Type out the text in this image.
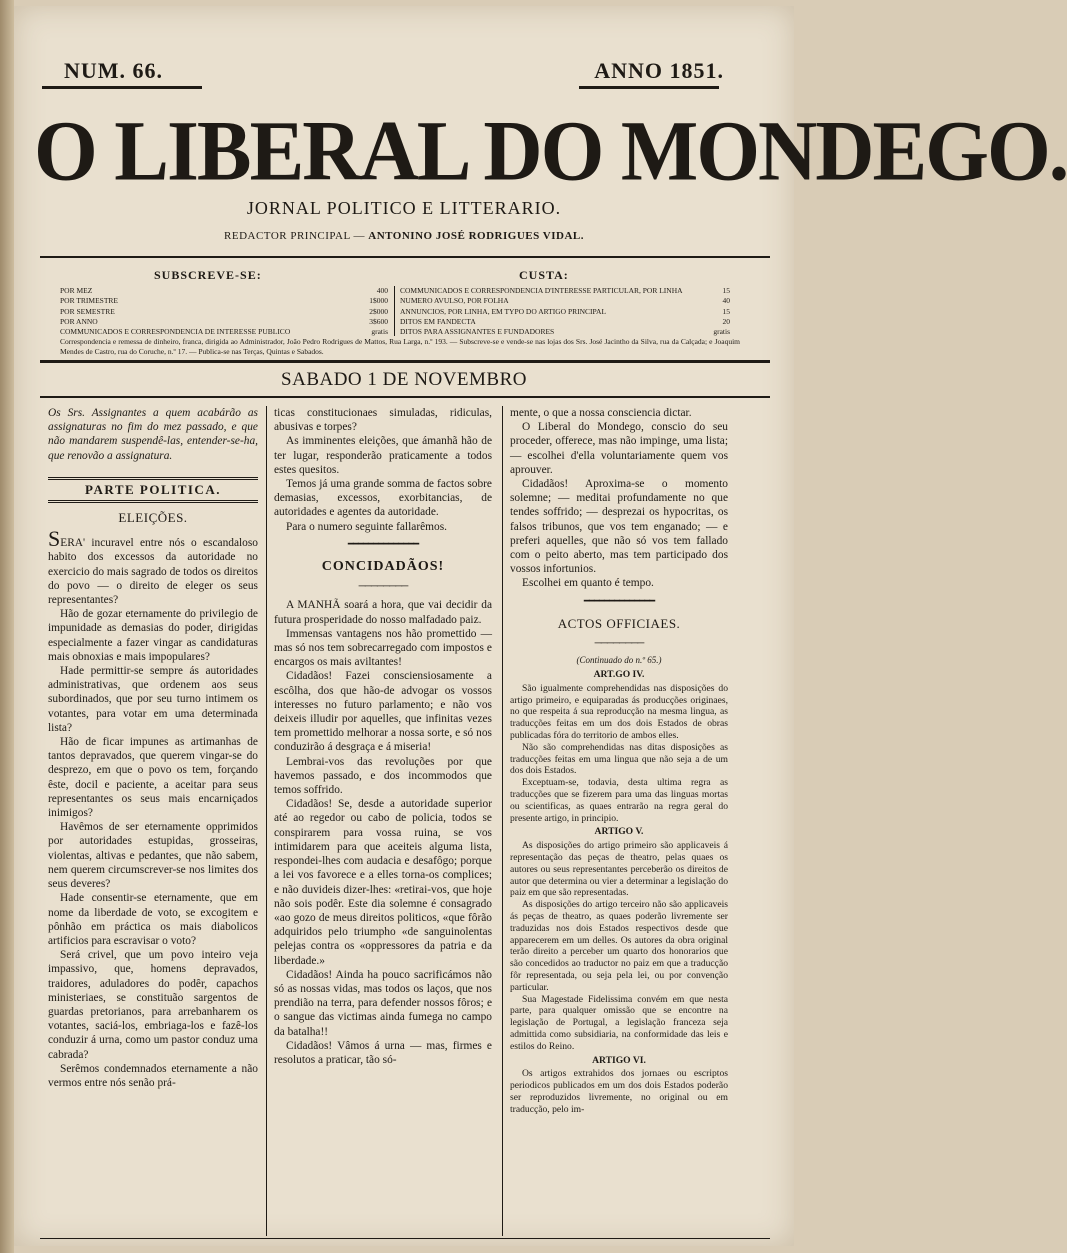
NUM. 66.	ANNO 1851.
O LIBERAL DO MONDEGO.
JORNAL POLITICO E LITTERARIO.
REDACTOR PRINCIPAL — ANTONINO JOSÉ RODRIGUES VIDAL.
SUBSCREVE-SE:	CUSTA:
POR MEZ	400
POR TRIMESTRE	1$000
POR SEMESTRE	2$000
POR ANNO	3$600
COMMUNICADOS E CORRESPONDENCIA DE INTERESSE PUBLICO	gratis
COMMUNICADOS E CORRESPONDENCIA D'INTERESSE PARTICULAR, POR LINHA	15
NUMERO AVULSO, POR FOLHA	40
ANNUNCIOS, POR LINHA, EM TYPO DO ARTIGO PRINCIPAL	15
DITOS EM FANDECTA	20
DITOS PARA ASSIGNANTES E FUNDADORES	gratis
Correspondencia e remessa de dinheiro, franca, dirigida ao Administrador, João Pedro Rodrigues de Mattos, Rua Larga, n.º 193. — Subscreve-se e vende-se nas lojas dos Srs. José Jacintho da Silva, rua da Calçada; e Joaquim Mendes de Castro, rua do Coruche, n.º 17. — Publica-se nas Terças, Quintas e Sabados.
SABADO 1 DE NOVEMBRO

Os Srs. Assignantes a quem acabárão as assignaturas no fim do mez passado, e que não mandarem suspendê-las, entender-se-ha, que renovão a assignatura.

PARTE POLITICA.
ELEIÇÕES.

SERA' incuravel entre nós o escandaloso habito dos excessos da autoridade no exercicio do mais sagrado de todos os direitos do povo — o direito de eleger os seus representantes?

Hão de gozar eternamente do privilegio de impunidade as demasias do poder, dirigidas especialmente a fazer vingar as candidaturas mais obnoxias e mais impopulares?

Hade permittir-se sempre ás autoridades administrativas, que ordenem aos seus subordinados, que por seu turno intimem os votantes, para votar em uma determinada lista?

Hão de ficar impunes as artimanhas de tantos depravados, que querem vingar-se do desprezo, em que o povo os tem, forçando êste, docil e paciente, a aceitar para seus representantes os seus mais encarniçados inimigos?

Havêmos de ser eternamente opprimidos por autoridades estupidas, grosseiras, violentas, altivas e pedantes, que não sabem, nem querem circumscrever-se nos limites dos seus deveres?

Hade consentir-se eternamente, que em nome da liberdade de voto, se excogitem e pônhão em práctica os mais diabolicos artificios para escravisar o voto?

Será crivel, que um povo inteiro veja impassivo, que, homens depravados, traidores, aduladores do podêr, capachos ministeriaes, se constituão sargentos de guardas pretorianos, para arrebanharem os votantes, saciá-los, embriaga-los e fazê-los conduzir á urna, como um pastor conduz uma cabrada?

Serêmos condemnados eternamente a não vermos entre nós senão prá-

ticas constitucionaes simuladas, ridiculas, abusivas e torpes?

As imminentes eleições, que ámanhã hão de ter lugar, responderão praticamente a todos estes quesitos.

Temos já uma grande somma de factos sobre demasias, excessos, exorbitancias, de autoridades e agentes da autoridade.

Para o numero seguinte fallarêmos.

━━━━━━━━━━━━━━
CONCIDADÃOS!
────────

A MANHÃ soará a hora, que vai decidir da futura prosperidade do nosso malfadado paiz.

Immensas vantagens nos hão promettido — mas só nos tem sobrecarregado com impostos e encargos os mais aviltantes!

Cidadãos! Fazei consciensiosamente a escôlha, dos que hão-de advogar os vossos interesses no futuro parlamento; e não vos deixeis illudir por aquelles, que infinitas vezes tem promettido melhorar a nossa sorte, e só nos conduzirão á desgraça e á miseria!

Lembrai-vos das revoluções por que havemos passado, e dos incommodos que temos soffrido.

Cidadãos! Se, desde a autoridade superior até ao regedor ou cabo de policia, todos se conspirarem para vossa ruina, se vos intimidarem para que aceiteis alguma lista, respondei-lhes com audacia e desafôgo; porque a lei vos favorece e a elles torna-os complices; e não duvideis dizer-lhes: «retirai-vos, que hoje não sois podêr. Este dia solemne é consagrado «ao gozo de meus direitos politicos, «que fôrão adquiridos pelo triumpho «de sanguinolentas pelejas contra os «oppressores da patria e da liberdade.»

Cidadãos! Ainda ha pouco sacrificámos não só as nossas vidas, mas todos os laços, que nos prendião na terra, para defender nossos fôros; e o sangue das victimas ainda fumega no campo da batalha!!

Cidadãos! Vâmos á urna — mas, firmes e resolutos a praticar, tão só-

mente, o que a nossa consciencia dictar.

O Liberal do Mondego, conscio do seu proceder, offerece, mas não impinge, uma lista; — escolhei d'ella voluntariamente quem vos aprouver.

Cidadãos! Aproxima-se o momento solemne; — meditai profundamente no que tendes soffrido; — desprezai os hypocritas, os falsos tribunos, que vos tem enganado; — e preferi aquelles, que não só vos tem fallado com o peito aberto, mas tem participado dos vossos infortunios.

Escolhei em quanto é tempo.

━━━━━━━━━━━━━━
ACTOS OFFICIAES.
────────
(Continuado do n.º 65.)
ART.GO IV.

São igualmente comprehendidas nas disposições do artigo primeiro, e equiparadas ás producções originaes, no que respeita á sua reproducção na mesma lingua, as traducções feitas em um dos dois Estados de obras publicadas fóra do territorio de ambos elles.

Não são comprehendidas nas ditas disposições as traducções feitas em uma lingua que não seja a de um dos dois Estados.

Exceptuam-se, todavia, desta ultima regra as traducções que se fizerem para uma das linguas mortas ou scientificas, as quaes entrarão na regra geral do presente artigo, in principio.

ARTIGO V.

As disposições do artigo primeiro são applicaveis á representação das peças de theatro, pelas quaes os autores ou seus representantes perceberão os direitos de autor que determina ou vier a determinar a legislação do paiz em que são representadas.

As disposições do artigo terceiro não são applicaveis ás peças de theatro, as quaes poderão livremente ser traduzidas nos dois Estados respectivos desde que apparecerem em um delles. Os autores da obra original terão direito a perceber um quarto dos honorarios que são concedidos ao traductor no paiz em que a traducção fôr representada, ou seja pela lei, ou por convenção particular.

Sua Magestade Fidelissima convém em que nesta parte, para qualquer omissão que se encontre na legislação de Portugal, a legislação franceza seja admittida como subsidiaria, na conformidade das leis e estilos do Reino.

ARTIGO VI.

Os artigos extrahidos dos jornaes ou escriptos periodicos publicados em um dos dois Estados poderão ser reproduzidos livremente, no original ou em traducção, pelo im-
